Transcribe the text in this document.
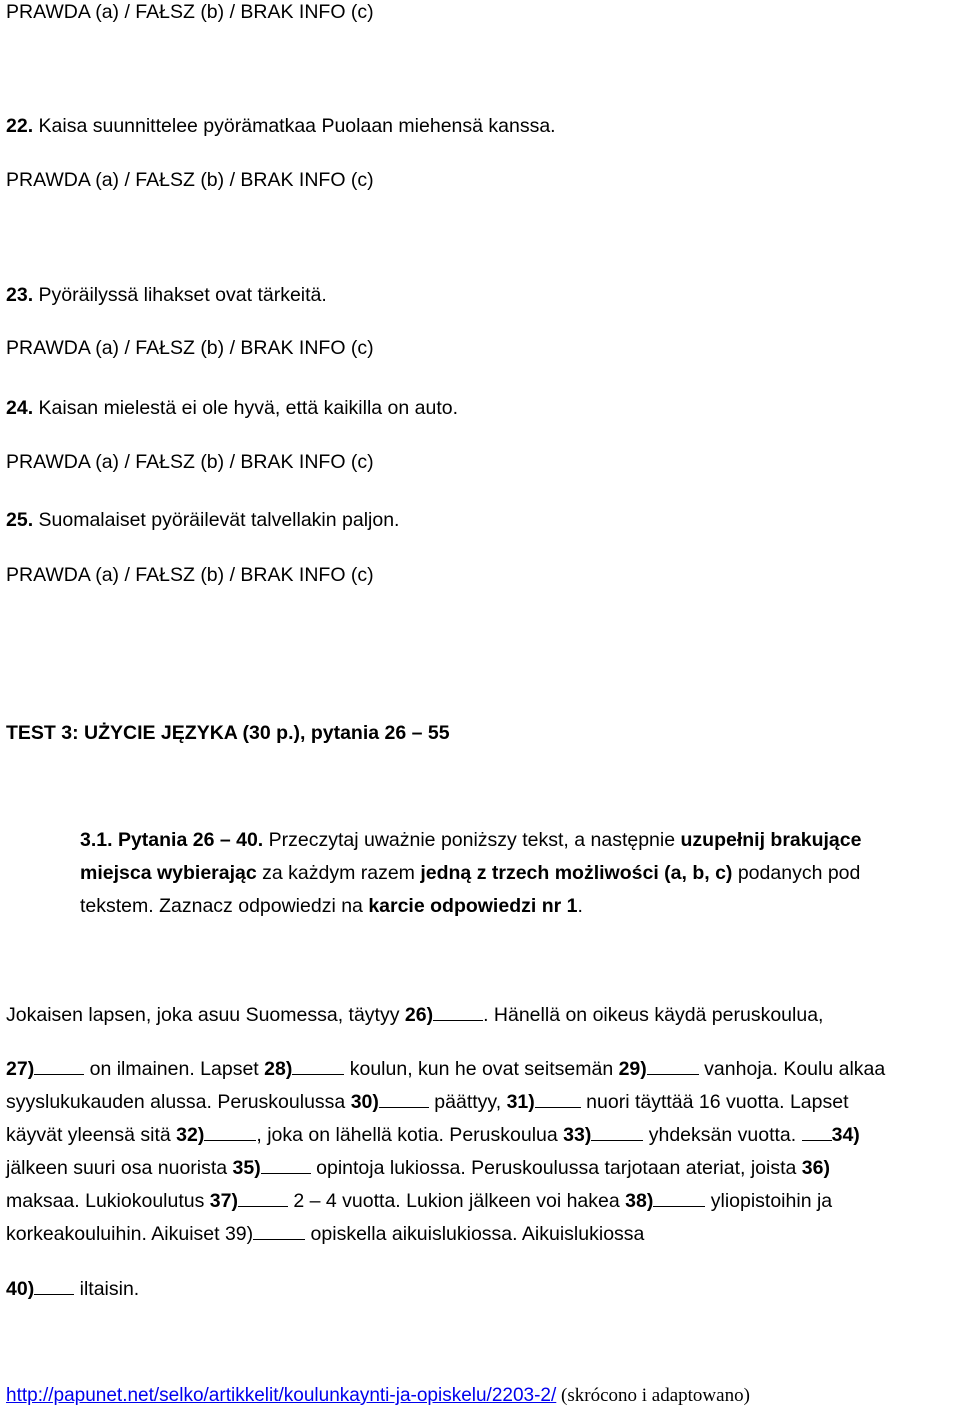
PRAWDA (a) / FAŁSZ (b) / BRAK INFO (c)
22. Kaisa suunnittelee pyörämatkaa Puolaan miehensä kanssa.
PRAWDA (a) / FAŁSZ (b) / BRAK INFO (c)
23. Pyöräilyssä lihakset ovat tärkeitä.
PRAWDA (a) / FAŁSZ (b) / BRAK INFO (c)
24. Kaisan mielestä ei ole hyvä, että kaikilla on auto.
PRAWDA (a) / FAŁSZ (b) / BRAK INFO (c)
25. Suomalaiset pyöräilevät talvellakin paljon.
PRAWDA (a) / FAŁSZ (b) / BRAK INFO (c)
TEST 3: UŻYCIE JĘZYKA (30 p.), pytania 26 – 55
3.1. Pytania 26 – 40. Przeczytaj uważnie poniższy tekst, a następnie uzupełnij brakujące
miejsca wybierając za każdym razem jedną z trzech możliwości (a, b, c) podanych pod
tekstem. Zaznacz odpowiedzi na karcie odpowiedzi nr 1.
Jokaisen lapsen, joka asuu Suomessa, täytyy 26)	. Hänellä on oikeus käydä peruskoulua,
27)	on ilmainen. Lapset 28)	koulun, kun he ovat seitsemän 29)	vanhoja. Koulu alkaa
syyslukukauden alussa. Peruskoulussa 30)	päättyy, 31) nuori täyttää 16 vuotta. Lapset
käyvät yleensä sitä 32)	, joka on lähellä kotia. Peruskoulua 33)	yhdeksän vuotta. 34)
jälkeen suuri osa nuorista 35)	opintoja lukiossa. Peruskoulussa tarjotaan ateriat, joista 36)
maksaa. Lukiokoulutus 37)	2 – 4 vuotta. Lukion jälkeen voi hakea 38)	yliopistoihin ja
korkeakouluihin. Aikuiset 39)	opiskella aikuislukiossa. Aikuislukiossa
40) iltaisin.
http://papunet.net/selko/artikkelit/koulunkaynti-ja-opiskelu/2203-2/ (skrócono i adaptowano)
